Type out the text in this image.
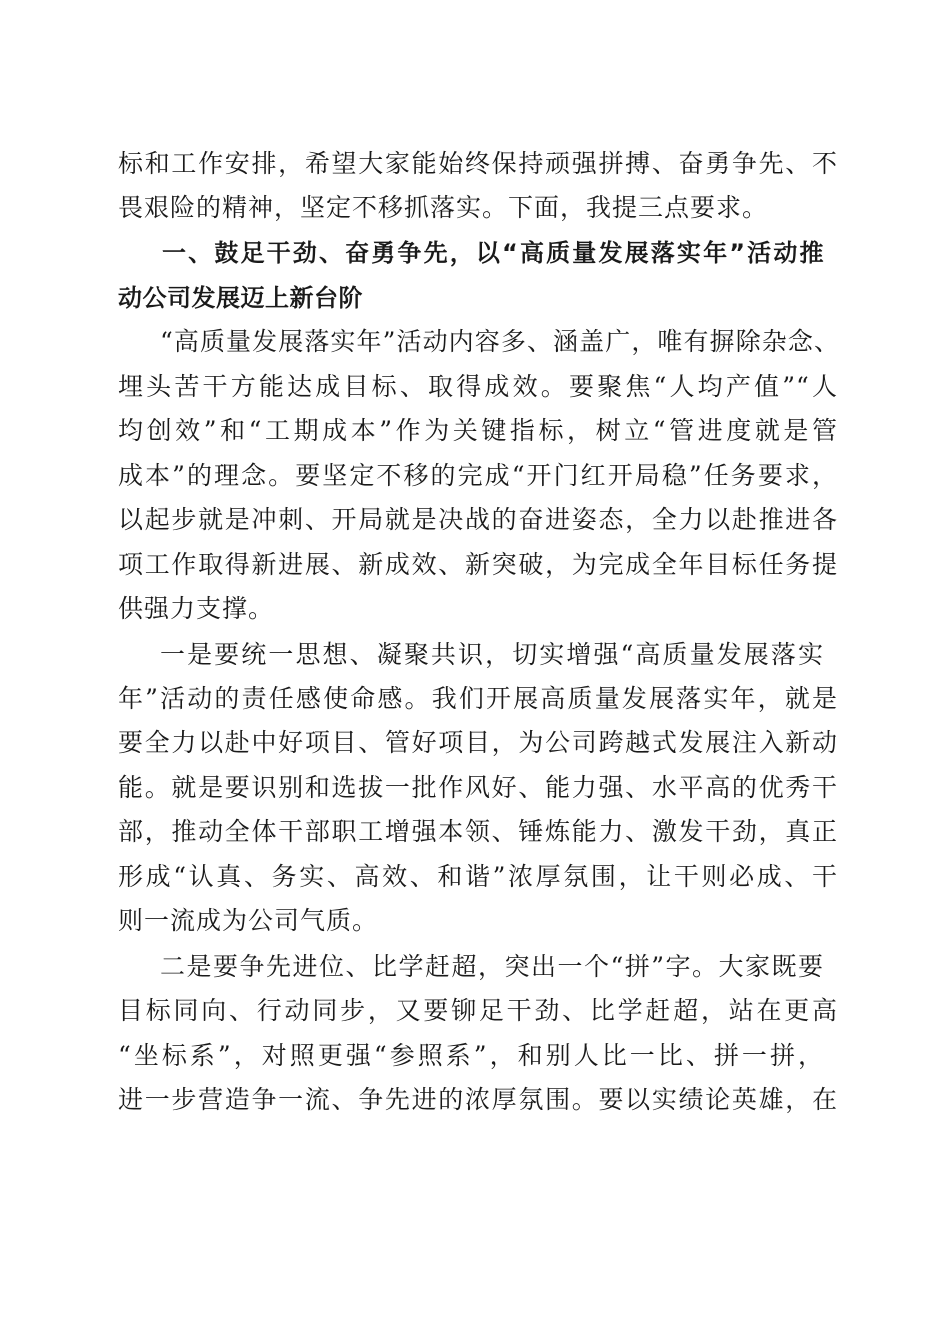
标和工作安排，希望大家能始终保持顽强拼搏、奋勇争先、不
畏艰险的精神，坚定不移抓落实。下面，我提三点要求。
一、鼓足干劲、奋勇争先，以“高质量发展落实年”活动推
动公司发展迈上新台阶
“高质量发展落实年”活动内容多、涵盖广，唯有摒除杂念、
埋头苦干方能达成目标、取得成效。要聚焦“人均产值”“人
均创效”和“工期成本”作为关键指标，树立“管进度就是管
成本”的理念。要坚定不移的完成“开门红开局稳”任务要求，
以起步就是冲刺、开局就是决战的奋进姿态，全力以赴推进各
项工作取得新进展、新成效、新突破，为完成全年目标任务提
供强力支撑。
一是要统一思想、凝聚共识，切实增强“高质量发展落实
年”活动的责任感使命感。我们开展高质量发展落实年，就是
要全力以赴中好项目、管好项目，为公司跨越式发展注入新动
能。就是要识别和选拔一批作风好、能力强、水平高的优秀干
部，推动全体干部职工增强本领、锤炼能力、激发干劲，真正
形成“认真、务实、高效、和谐”浓厚氛围，让干则必成、干
则一流成为公司气质。
二是要争先进位、比学赶超，突出一个“拼”字。大家既要
目标同向、行动同步，又要铆足干劲、比学赶超，站在更高
“坐标系”，对照更强“参照系”，和别人比一比、拼一拼，
进一步营造争一流、争先进的浓厚氛围。要以实绩论英雄，在
